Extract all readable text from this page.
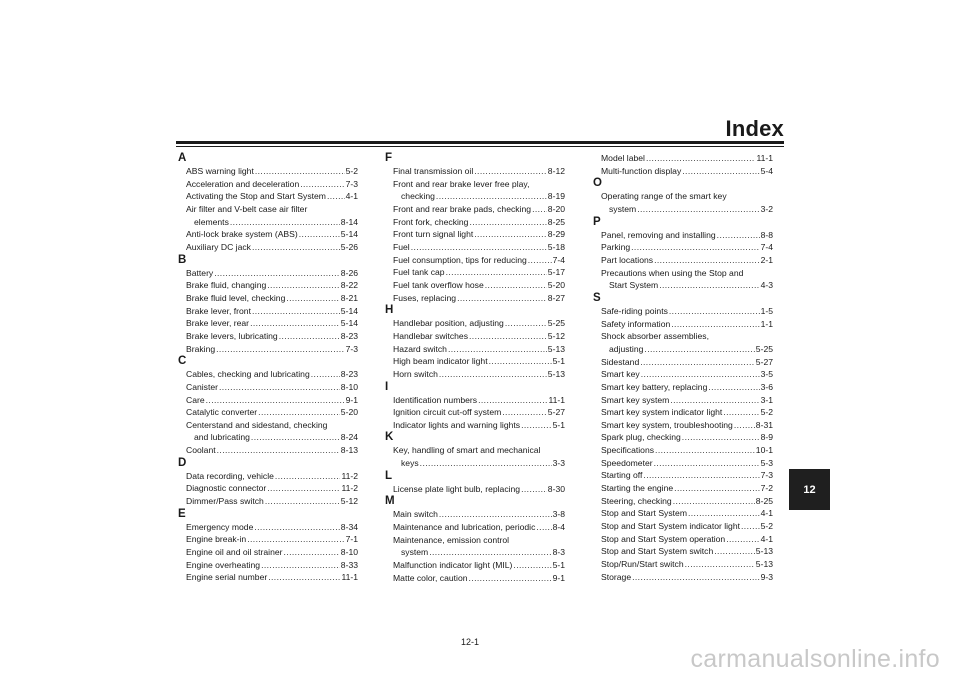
Index
A
ABS warning light .....	5-2
Acceleration and deceleration .....	7-3
Activating the Stop and Start System ..... 4-1
Air filter and V-belt case air filter
elements .....	8-14
Anti-lock brake system (ABS) .....	5-14
Auxiliary DC jack .....	5-26
B
Battery .....	8-26
Brake fluid, changing .....	8-22
Brake fluid level, checking .....	8-21
Brake lever, front .....	5-14
Brake lever, rear .....	5-14
Brake levers, lubricating .....	8-23
Braking .....	7-3
C
Cables, checking and lubricating .....	8-23
Canister .....	8-10
Care .....	9-1
Catalytic converter .....	5-20
Centerstand and sidestand, checking
and lubricating .....	8-24
Coolant .....	8-13
D
Data recording, vehicle .....	11-2
Diagnostic connector .....	11-2
Dimmer/Pass switch .....	5-12
E
Emergency mode .....	8-34
Engine break-in .....	7-1
Engine oil and oil strainer .....	8-10
Engine overheating .....	8-33
Engine serial number .....	11-1
F
Final transmission oil .....	8-12
Front and rear brake lever free play,
checking .....	8-19
Front and rear brake pads, checking ..... 8-20
Front fork, checking .....	8-25
Front turn signal light .....	8-29
Fuel .....	5-18
Fuel consumption, tips for reducing .....	7-4
Fuel tank cap .....	5-17
Fuel tank overflow hose .....	5-20
Fuses, replacing .....	8-27
H
Handlebar position, adjusting .....	5-25
Handlebar switches .....	5-12
Hazard switch .....	5-13
High beam indicator light .....	5-1
Horn switch .....	5-13
I
Identification numbers .....	11-1
Ignition circuit cut-off system .....	5-27
Indicator lights and warning lights .....	5-1
K
Key, handling of smart and mechanical
keys .....	3-3
L
License plate light bulb, replacing .....	8-30
M
Main switch .....	3-8
Maintenance and lubrication, periodic ..... 8-4
Maintenance, emission control
system .....	8-3
Malfunction indicator light (MIL) .....	5-1
Matte color, caution .....	9-1
Model label .....	11-1
Multi-function display .....	5-4
O
Operating range of the smart key
system .....	3-2
P
Panel, removing and installing .....	8-8
Parking .....	7-4
Part locations .....	2-1
Precautions when using the Stop and
Start System .....	4-3
S
Safe-riding points .....	1-5
Safety information .....	1-1
Shock absorber assemblies,
adjusting .....	5-25
Sidestand .....	5-27
Smart key .....	3-5
Smart key battery, replacing .....	3-6
Smart key system .....	3-1
Smart key system indicator light .....	5-2
Smart key system, troubleshooting .....	8-31
Spark plug, checking .....	8-9
Specifications .....	10-1
Speedometer .....	5-3
Starting off .....	7-3
Starting the engine .....	7-2
Steering, checking .....	8-25
Stop and Start System .....	4-1
Stop and Start System indicator light ..... 5-2
Stop and Start System operation .....	4-1
Stop and Start System switch .....	5-13
Stop/Run/Start switch .....	5-13
Storage .....	9-3
12-1
12
carmanualsonline.info
